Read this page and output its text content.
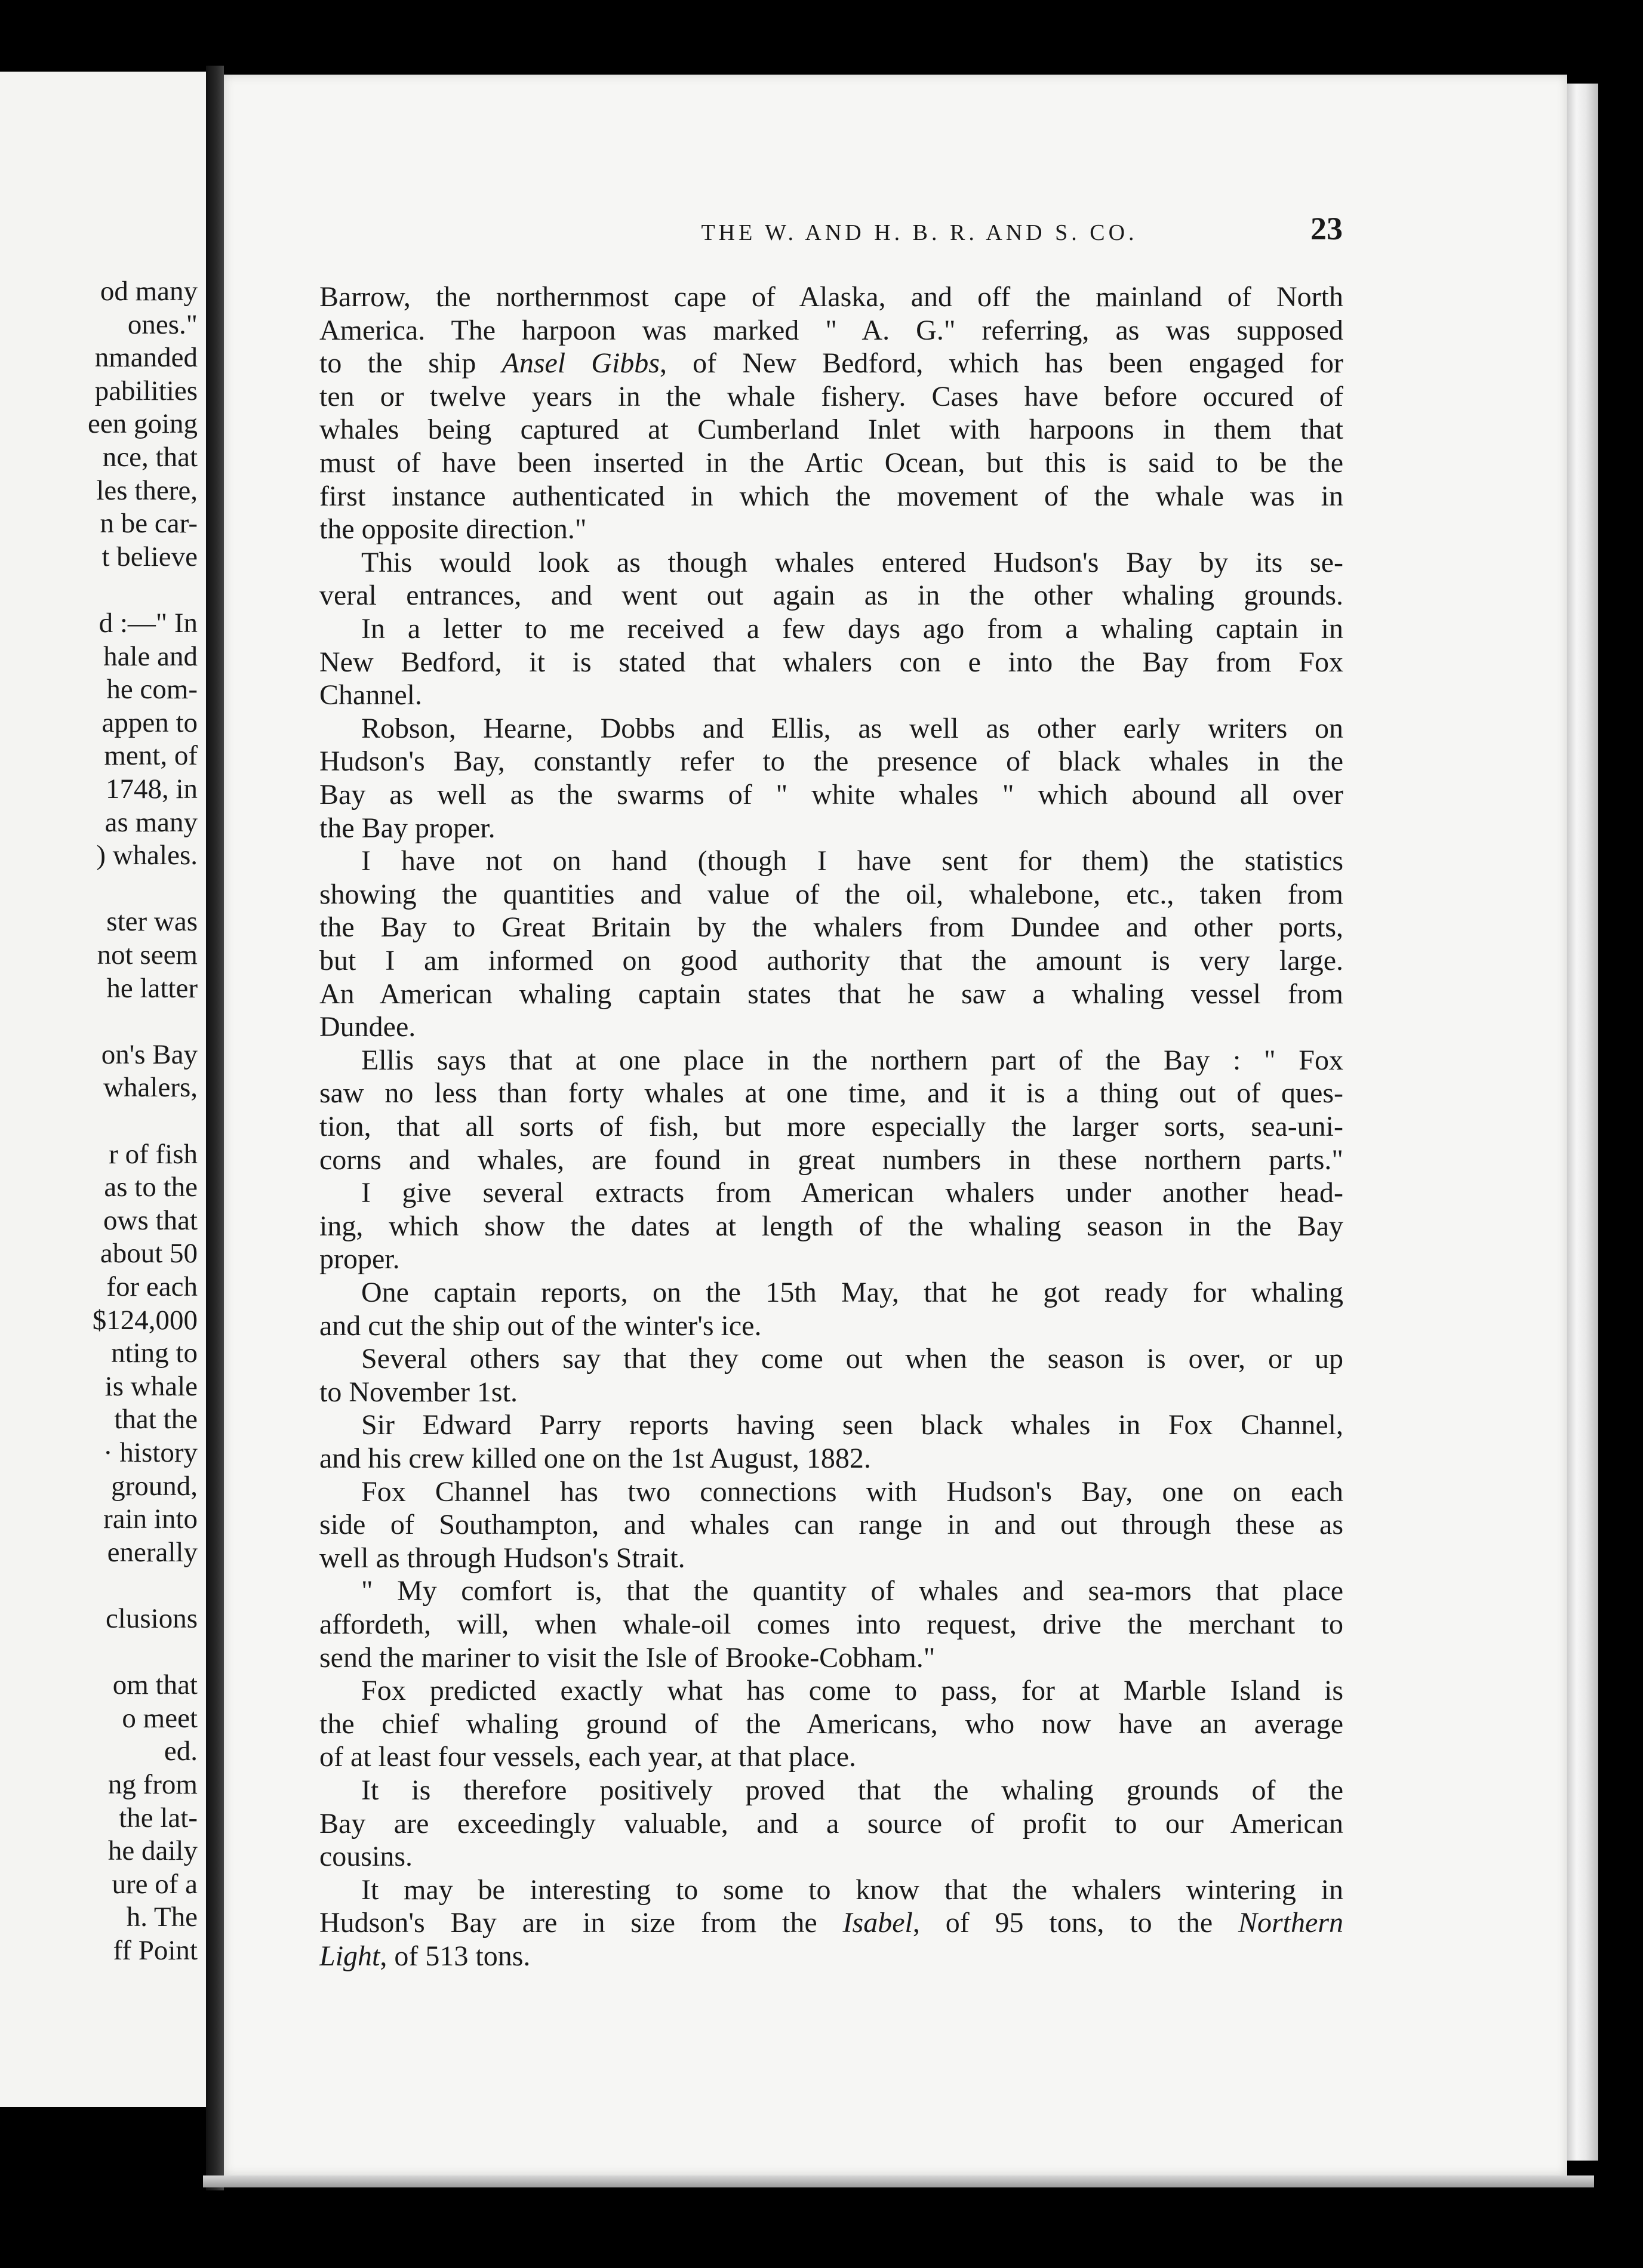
od many
ones."
nmanded
pabilities
een going
nce, that
les there,
n be car-
t believe
d :—" In
hale and
he com-
appen to
ment, of
1748, in
as many
) whales.
ster was
not seem
he latter
on's Bay
whalers,
r of fish
as to the
ows that
about 50
for each
$124,000
nting to
is whale
that the
· history
ground,
rain into
enerally
clusions
om that
o meet
ed.
ng from
the lat-
he daily
ure of a
h. The
ff Point
THE W. AND H. B. R. AND S. CO.	23
Barrow, the northernmost cape of Alaska, and off the mainland of North
America. The harpoon was marked " A. G." referring, as was supposed
to the ship Ansel Gibbs, of New Bedford, which has been engaged for
ten or twelve years in the whale fishery. Cases have before occured of
whales being captured at Cumberland Inlet with harpoons in them that
must of have been inserted in the Artic Ocean, but this is said to be the
first instance authenticated in which the movement of the whale was in
the opposite direction."
This would look as though whales entered Hudson's Bay by its se-
veral entrances, and went out again as in the other whaling grounds.
In a letter to me received a few days ago from a whaling captain in
New Bedford, it is stated that whalers con e into the Bay from Fox
Channel.
Robson, Hearne, Dobbs and Ellis, as well as other early writers on
Hudson's Bay, constantly refer to the presence of black whales in the
Bay as well as the swarms of " white whales " which abound all over
the Bay proper.
I have not on hand (though I have sent for them) the statistics
showing the quantities and value of the oil, whalebone, etc., taken from
the Bay to Great Britain by the whalers from Dundee and other ports,
but I am informed on good authority that the amount is very large.
An American whaling captain states that he saw a whaling vessel from
Dundee.
Ellis says that at one place in the northern part of the Bay : " Fox
saw no less than forty whales at one time, and it is a thing out of ques-
tion, that all sorts of fish, but more especially the larger sorts, sea-uni-
corns and whales, are found in great numbers in these northern parts."
I give several extracts from American whalers under another head-
ing, which show the dates at length of the whaling season in the Bay
proper.
One captain reports, on the 15th May, that he got ready for whaling
and cut the ship out of the winter's ice.
Several others say that they come out when the season is over, or up
to November 1st.
Sir Edward Parry reports having seen black whales in Fox Channel,
and his crew killed one on the 1st August, 1882.
Fox Channel has two connections with Hudson's Bay, one on each
side of Southampton, and whales can range in and out through these as
well as through Hudson's Strait.
" My comfort is, that the quantity of whales and sea-mors that place
affordeth, will, when whale-oil comes into request, drive the merchant to
send the mariner to visit the Isle of Brooke-Cobham."
Fox predicted exactly what has come to pass, for at Marble Island is
the chief whaling ground of the Americans, who now have an average
of at least four vessels, each year, at that place.
It is therefore positively proved that the whaling grounds of the
Bay are exceedingly valuable, and a source of profit to our American
cousins.
It may be interesting to some to know that the whalers wintering in
Hudson's Bay are in size from the Isabel, of 95 tons, to the Northern
Light, of 513 tons.
